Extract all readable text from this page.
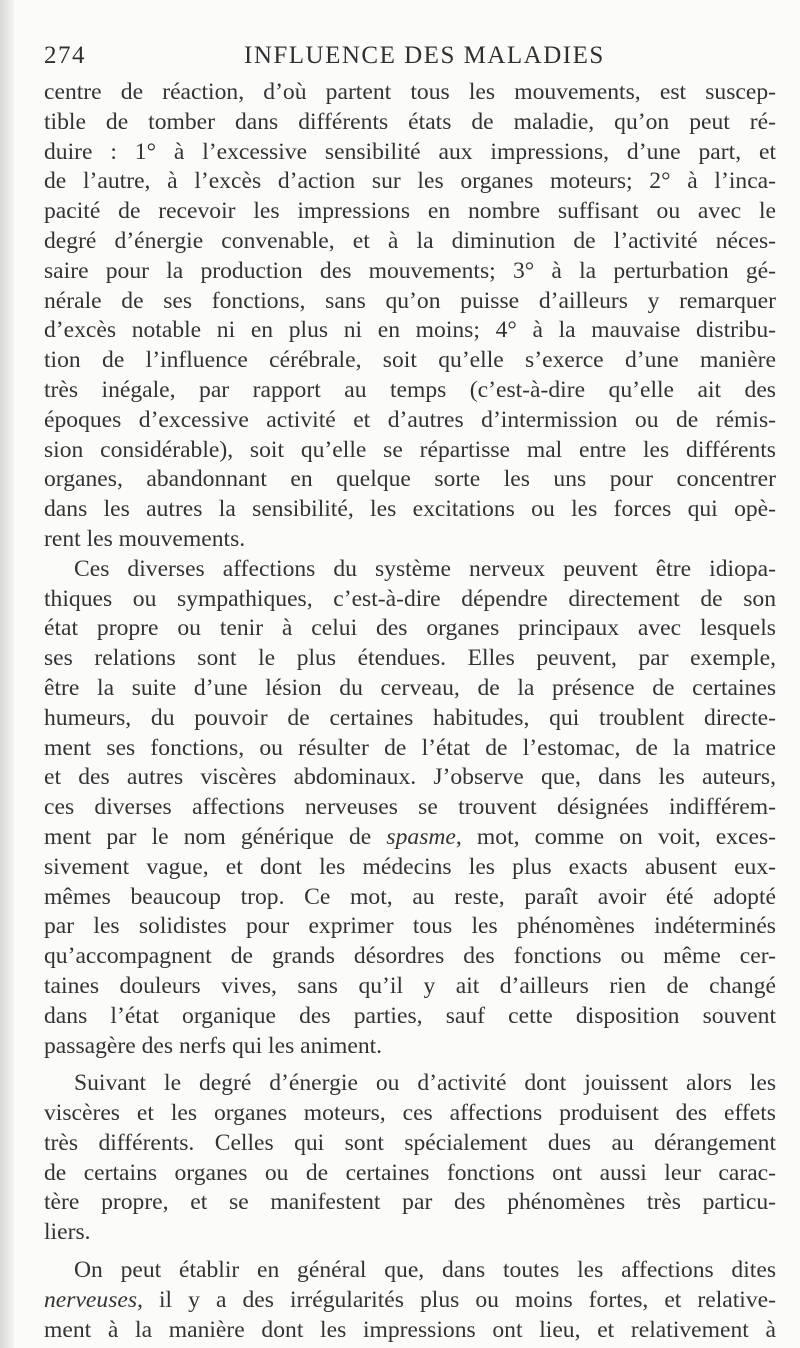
274	INFLUENCE DES MALADIES

centre de réaction, d’où partent tous les mouvements, est suscep-
tible de tomber dans différents états de maladie, qu’on peut ré-
duire : 1° à l’excessive sensibilité aux impressions, d’une part, et
de l’autre, à l’excès d’action sur les organes moteurs; 2° à l’inca-
pacité de recevoir les impressions en nombre suffisant ou avec le
degré d’énergie convenable, et à la diminution de l’activité néces-
saire pour la production des mouvements; 3° à la perturbation gé-
nérale de ses fonctions, sans qu’on puisse d’ailleurs y remarquer
d’excès notable ni en plus ni en moins; 4° à la mauvaise distribu-
tion de l’influence cérébrale, soit qu’elle s’exerce d’une manière
très inégale, par rapport au temps (c’est-à-dire qu’elle ait des
époques d’excessive activité et d’autres d’intermission ou de rémis-
sion considérable), soit qu’elle se répartisse mal entre les différents
organes, abandonnant en quelque sorte les uns pour concentrer
dans les autres la sensibilité, les excitations ou les forces qui opè-
rent les mouvements.

Ces diverses affections du système nerveux peuvent être idiopa-
thiques ou sympathiques, c’est-à-dire dépendre directement de son
état propre ou tenir à celui des organes principaux avec lesquels
ses relations sont le plus étendues. Elles peuvent, par exemple,
être la suite d’une lésion du cerveau, de la présence de certaines
humeurs, du pouvoir de certaines habitudes, qui troublent directe-
ment ses fonctions, ou résulter de l’état de l’estomac, de la matrice
et des autres viscères abdominaux. J’observe que, dans les auteurs,
ces diverses affections nerveuses se trouvent désignées indifférem-
ment par le nom générique de spasme, mot, comme on voit, exces-
sivement vague, et dont les médecins les plus exacts abusent eux-
mêmes beaucoup trop. Ce mot, au reste, paraît avoir été adopté
par les solidistes pour exprimer tous les phénomènes indéterminés
qu’accompagnent de grands désordres des fonctions ou même cer-
taines douleurs vives, sans qu’il y ait d’ailleurs rien de changé
dans l’état organique des parties, sauf cette disposition souvent
passagère des nerfs qui les animent.

Suivant le degré d’énergie ou d’activité dont jouissent alors les
viscères et les organes moteurs, ces affections produisent des effets
très différents. Celles qui sont spécialement dues au dérangement
de certains organes ou de certaines fonctions ont aussi leur carac-
tère propre, et se manifestent par des phénomènes très particu-
liers.

On peut établir en général que, dans toutes les affections dites
nerveuses, il y a des irrégularités plus ou moins fortes, et relative-
ment à la manière dont les impressions ont lieu, et relativement à
